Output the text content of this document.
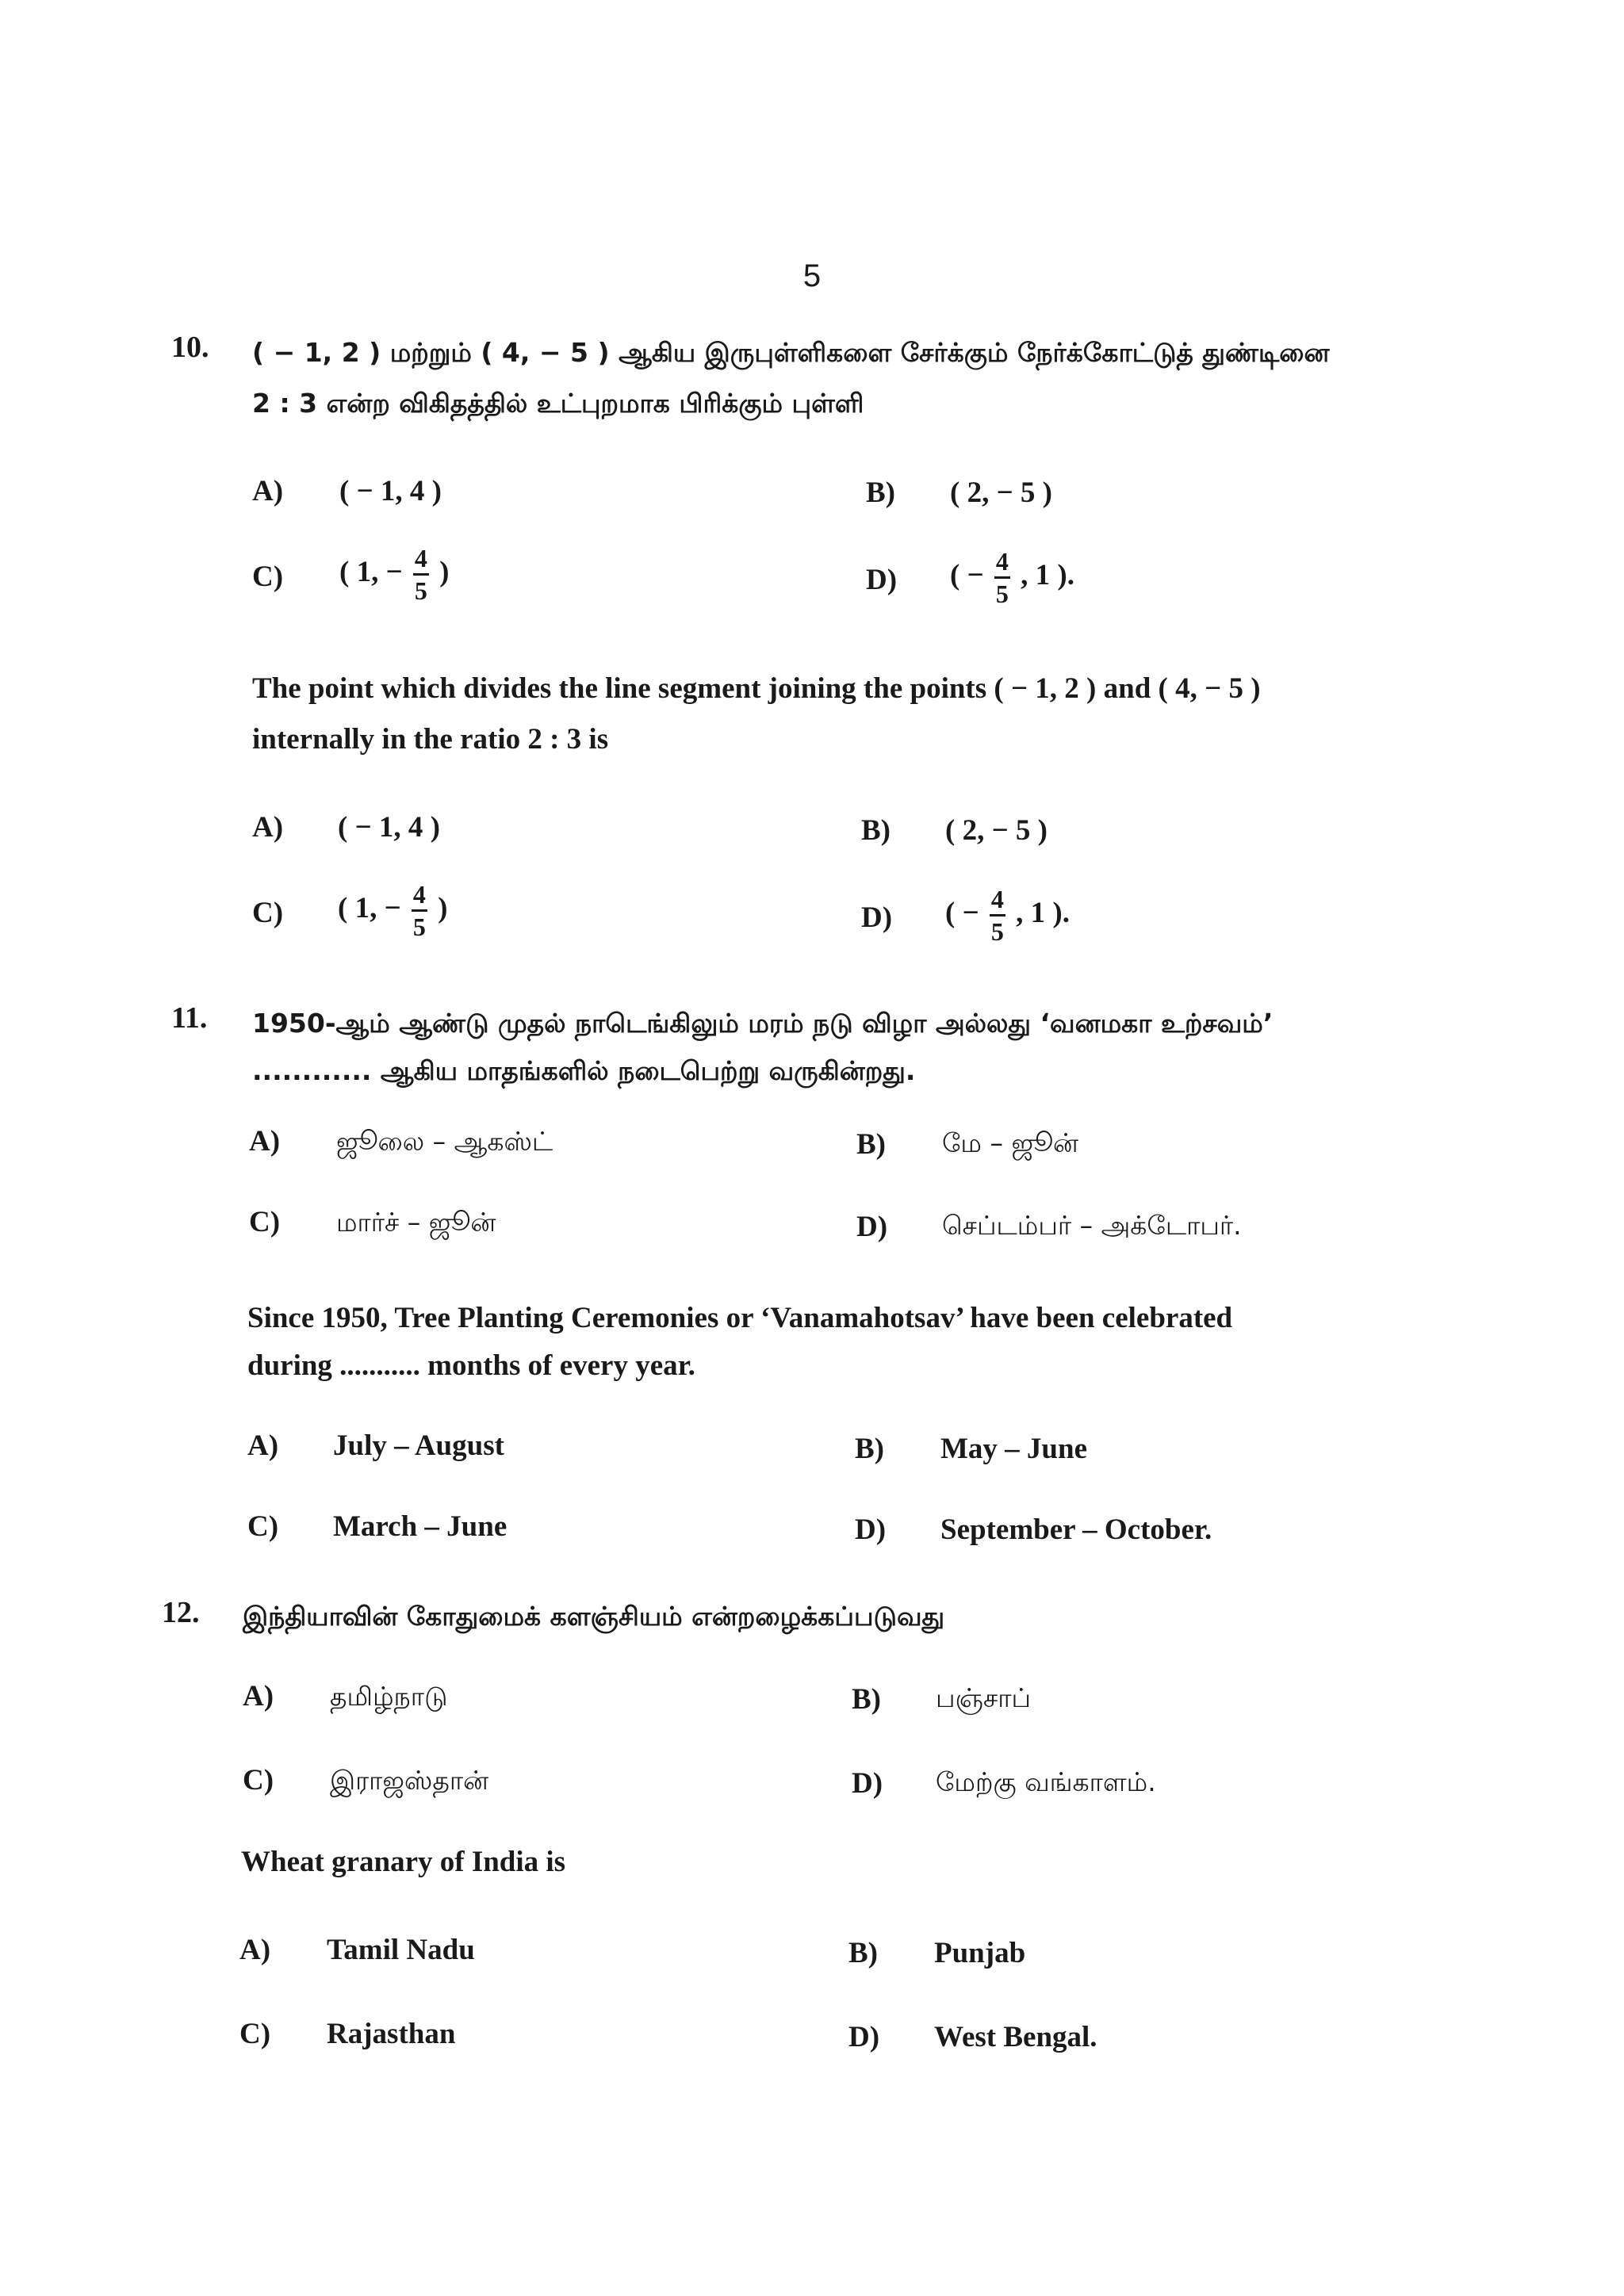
5
10. ( − 1, 2 ) மற்றும் ( 4, − 5 ) ஆகிய இருபுள்ளிகளை சேர்க்கும் நேர்க்கோட்டுத் துண்டினை
2 : 3 என்ற விகிதத்தில் உட்புறமாக பிரிக்கும் புள்ளி
A) ( − 1, 4 )	B) ( 2, − 5 )
C) ( 1, − $\frac{4}{5}$ )	D) ( − $\frac{4}{5}$ , 1 ).
The point which divides the line segment joining the points ( − 1, 2 ) and ( 4, − 5 )
internally in the ratio 2 : 3 is
A) ( − 1, 4 )	B) ( 2, − 5 )
C) ( 1, − $\frac{4}{5}$ )	D) ( − $\frac{4}{5}$ , 1 ).
11. 1950-ஆம் ஆண்டு முதல் நாடெங்கிலும் மரம் நடு விழா அல்லது ‘வனமகா உற்சவம்’
............ ஆகிய மாதங்களில் நடைபெற்று வருகின்றது.
A) ஜூலை – ஆகஸ்ட்	B) மே – ஜூன்
C) மார்ச் – ஜூன்	D) செப்டம்பர் – அக்டோபர்.
Since 1950, Tree Planting Ceremonies or ‘Vanamahotsav’ have been celebrated
during ........... months of every year.
A) July – August	B) May – June
C) March – June	D) September – October.
12. இந்தியாவின் கோதுமைக் களஞ்சியம் என்றழைக்கப்படுவது
A) தமிழ்நாடு	B) பஞ்சாப்
C) இராஜஸ்தான்	D) மேற்கு வங்காளம்.
Wheat granary of India is
A) Tamil Nadu	B) Punjab
C) Rajasthan	D) West Bengal.
